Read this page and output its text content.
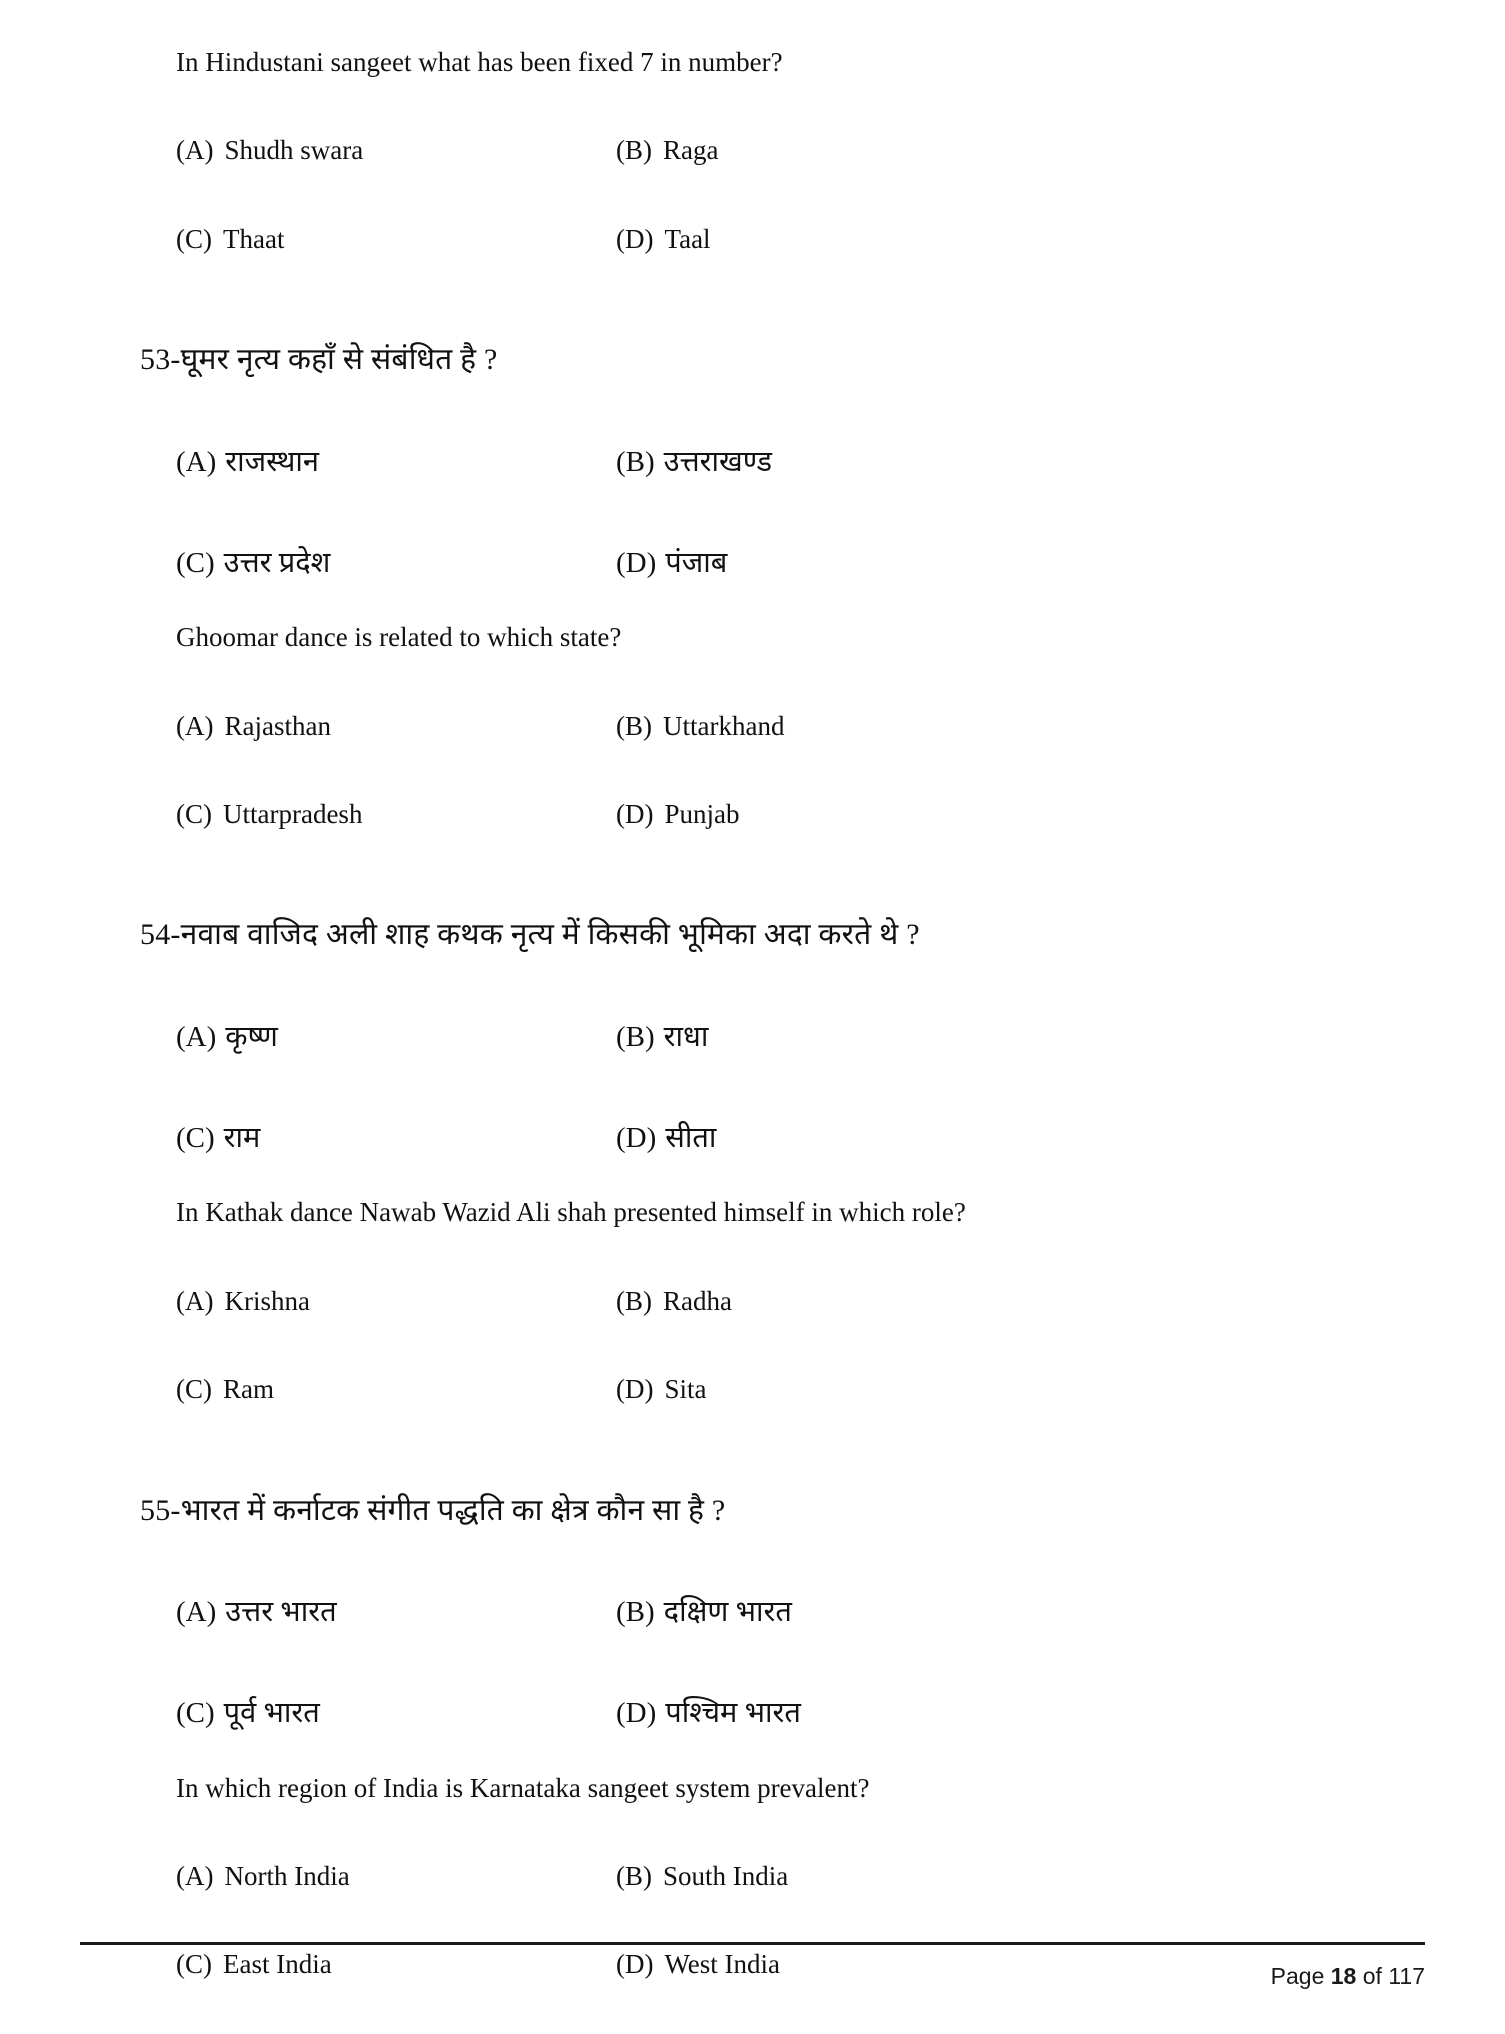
In Hindustani sangeet what has been fixed 7 in number?
(A) Shudh swara	(B) Raga
(C) Thaat	(D) Taal
53-घूमर नृत्य कहाँ से संबंधित है ?
(A) राजस्थान	(B) उत्तराखण्ड
(C) उत्तर प्रदेश	(D) पंजाब
Ghoomar dance is related to which state?
(A) Rajasthan	(B) Uttarkhand
(C) Uttarpradesh	(D) Punjab
54-नवाब वाजिद अली शाह कथक नृत्य में किसकी भूमिका अदा करते थे ?
(A) कृष्ण	(B) राधा
(C) राम	(D) सीता
In Kathak dance Nawab Wazid Ali shah presented himself in which role?
(A) Krishna	(B) Radha
(C) Ram	(D) Sita
55-भारत में कर्नाटक संगीत पद्धति का क्षेत्र कौन सा है ?
(A) उत्तर भारत	(B) दक्षिण भारत
(C) पूर्व भारत	(D) पश्चिम भारत
In which region of India is Karnataka sangeet system prevalent?
(A) North India	(B) South India
(C) East India	(D) West India	Page 18 of 117
